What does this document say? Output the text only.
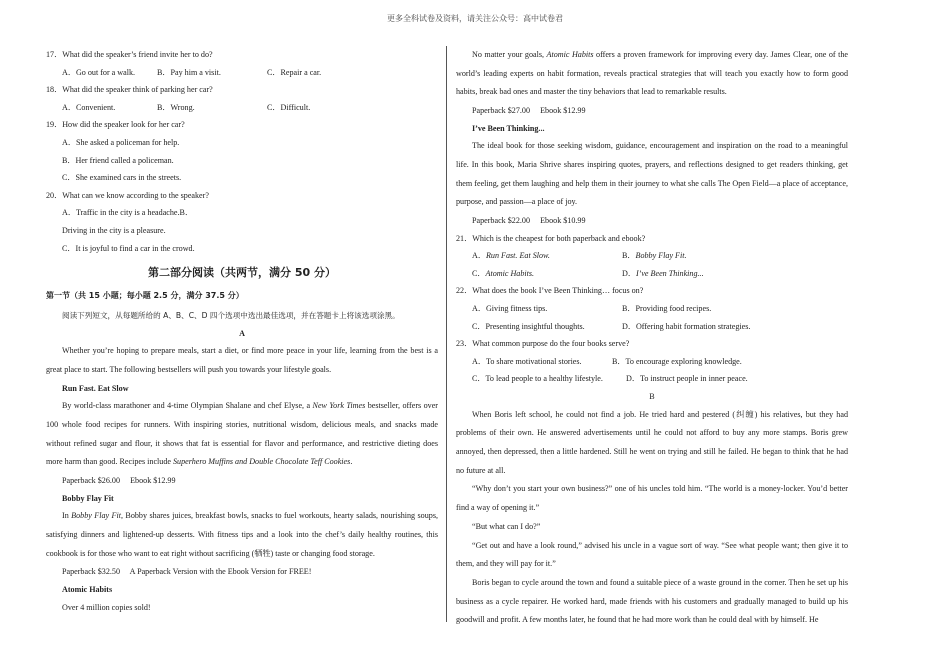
更多全科试卷及资料，请关注公众号：高中试卷君
17．What did the speaker’s friend invite her to do?
A．Go out for a walk.	B．Pay him a visit.	C．Repair a car.
18．What did the speaker think of parking her car?
A．Convenient.	B．Wrong.	C．Difficult.
19．How did the speaker look for her car?
A．She asked a policeman for help.
B．Her friend called a policeman.
C．She examined cars in the streets.
20．What can we know according to the speaker?
A．Traffic in the city is a headache.B．
Driving in the city is a pleasure.
C．It is joyful to find a car in the crowd.
第二部分阅读（共两节，满分 50 分）
第一节（共 15 小题；每小题 2.5 分，满分 37.5 分）
阅读下列短文，从每题所给的 A、B、C、D 四个选项中选出最佳选项，并在答题卡上将该选项涂黑。
A

Whether you’re hoping to prepare meals, start a diet, or find more peace in your life, learning from the best is a great place to start. The following bestsellers will push you towards your lifestyle goals.

Run Fast. Eat Slow

By world-class marathoner and 4-time Olympian Shalane and chef Elyse, a New York Times bestseller, offers over 100 whole food recipes for runners. With inspiring stories, nutritional wisdom, delicious meals, and snacks made without refined sugar and flour, it shows that fat is essential for flavor and performance, and restrictive dieting does more harm than good. Recipes include Superhero Muffins and Double Chocolate Teff Cookies.

Paperback $26.00　 Ebook $12.99
Bobby Flay Fit

In Bobby Flay Fit, Bobby shares juices, breakfast bowls, snacks to fuel workouts, hearty salads, nourishing soups, satisfying dinners and lightened-up desserts. With fitness tips and a look into the chef’s daily healthy routines, this cookbook is for those who want to eat right without sacrificing (牺牲) taste or changing food storage.

Paperback $32.50　 A Paperback Version with the Ebook Version for FREE!
Atomic Habits
Over 4 million copies sold!

No matter your goals, Atomic Habits offers a proven framework for improving every day. James Clear, one of the world’s leading experts on habit formation, reveals practical strategies that will teach you exactly how to form good habits, break bad ones and master the tiny behaviors that lead to remarkable results.

Paperback $27.00　 Ebook $12.99
I’ve Been Thinking...

The ideal book for those seeking wisdom, guidance, encouragement and inspiration on the road to a meaningful life. In this book, Maria Shrive shares inspiring quotes, prayers, and reflections designed to get readers thinking, get them feeling, get them laughing and help them in their journey to what she calls The Open Field—a place of acceptance, purpose, and passion—a place of joy.

Paperback $22.00　 Ebook $10.99
21．Which is the cheapest for both paperback and ebook?
A．Run Fast. Eat Slow.	B．Bobby Flay Fit.
C．Atomic Habits.	D．I’ve Been Thinking...
22．What does the book I’ve Been Thinking… focus on?
A．Giving fitness tips.	B．Providing food recipes.
C．Presenting insightful thoughts.	D．Offering habit formation strategies.
23．What common purpose do the four books serve?
A．To share motivational stories.	B．To encourage exploring knowledge.
C．To lead people to a healthy lifestyle.	D．To instruct people in inner peace.
B

When Boris left school, he could not find a job. He tried hard and pestered (纠缠) his relatives, but they had problems of their own. He answered advertisements until he could not afford to buy any more stamps. Boris grew annoyed, then depressed, then a little hardened. Still he went on trying and still he failed. He began to think that he had no future at all.

“Why don’t you start your own business?” one of his uncles told him. “The world is a money-locker. You’d better find a way of opening it.”

“But what can I do?”

“Get out and have a look round,” advised his uncle in a vague sort of way. “See what people want; then give it to them, and they will pay for it.”

Boris began to cycle around the town and found a suitable piece of a waste ground in the corner. Then he set up his business as a cycle repairer. He worked hard, made friends with his customers and gradually managed to build up his goodwill and profit. A few months later, he found that he had more work than he could deal with by himself. He
